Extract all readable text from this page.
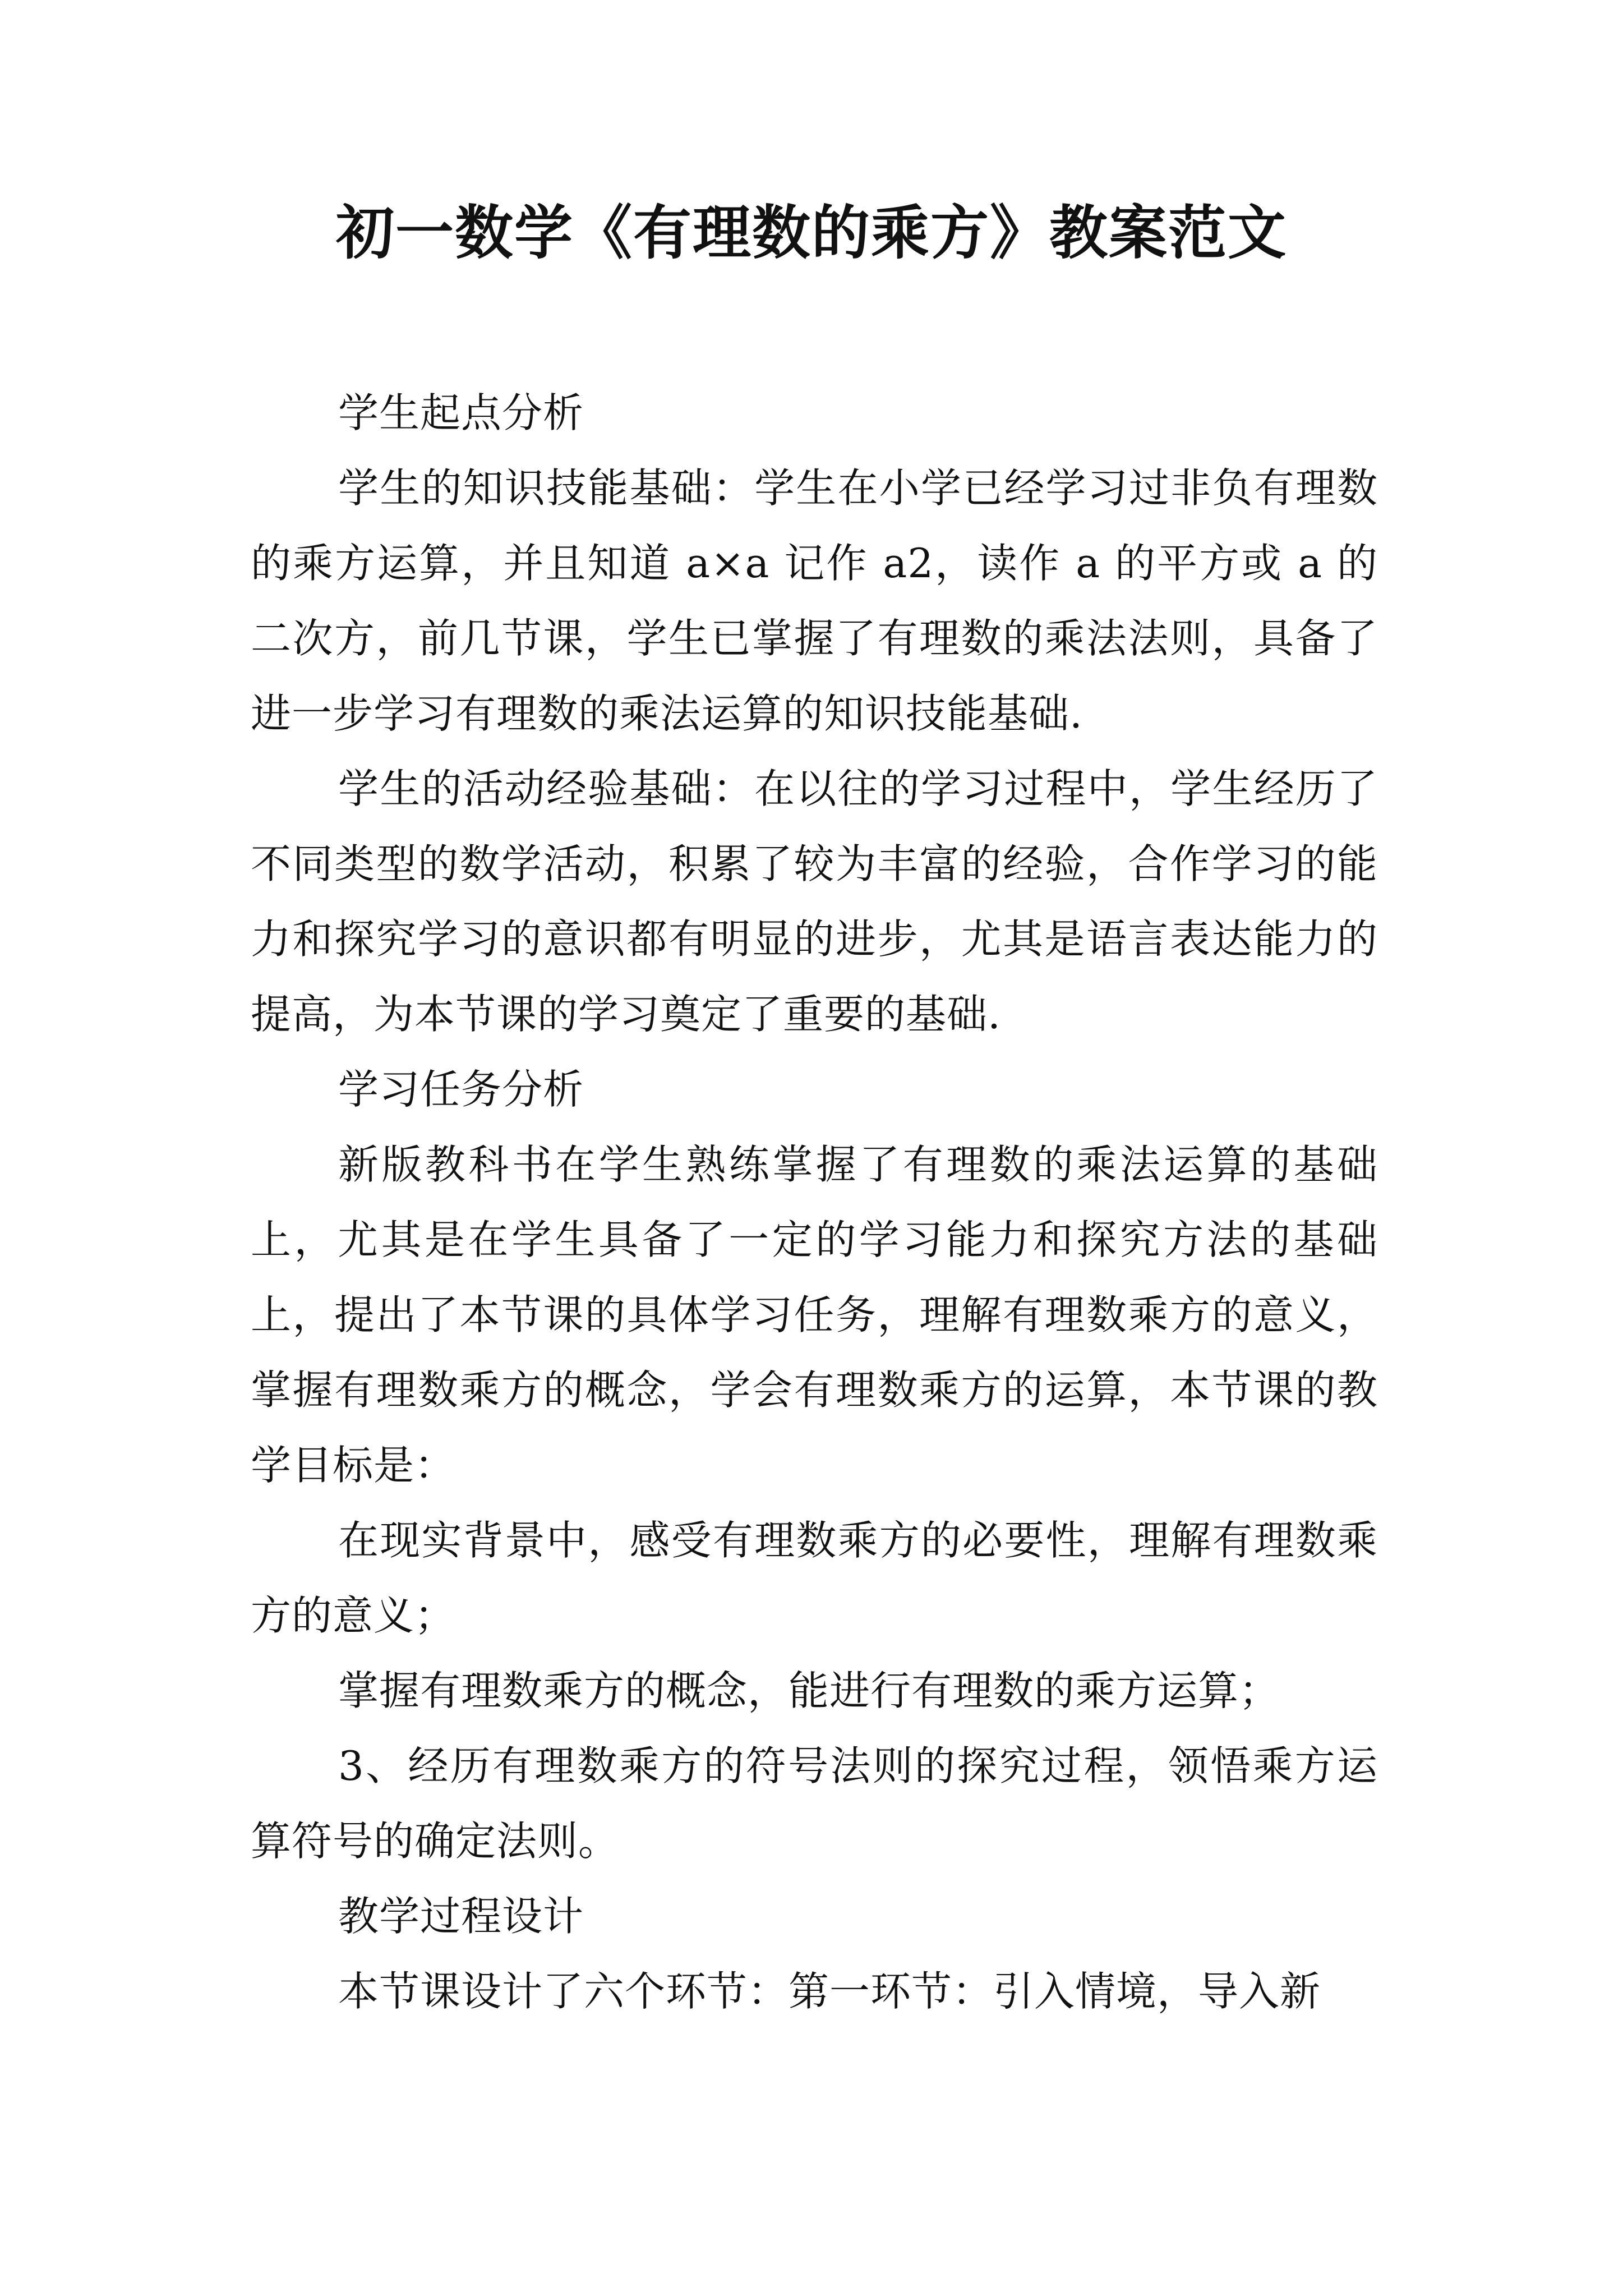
初一数学《有理数的乘方》教案范文

学生起点分析

学生的知识技能基础：学生在小学已经学习过非负有理数的乘方运算，并且知道 a×a 记作 a2，读作 a 的平方或 a 的二次方，前几节课，学生已掌握了有理数的乘法法则，具备了进一步学习有理数的乘法运算的知识技能基础.

学生的活动经验基础：在以往的学习过程中，学生经历了不同类型的数学活动，积累了较为丰富的经验，合作学习的能力和探究学习的意识都有明显的进步，尤其是语言表达能力的提高，为本节课的学习奠定了重要的基础.

学习任务分析

新版教科书在学生熟练掌握了有理数的乘法运算的基础上，尤其是在学生具备了一定的学习能力和探究方法的基础上，提出了本节课的具体学习任务，理解有理数乘方的意义，掌握有理数乘方的概念，学会有理数乘方的运算，本节课的教学目标是：

在现实背景中，感受有理数乘方的必要性，理解有理数乘方的意义；

掌握有理数乘方的概念，能进行有理数的乘方运算；

3、经历有理数乘方的符号法则的探究过程，领悟乘方运算符号的确定法则。

教学过程设计

本节课设计了六个环节：第一环节：引入情境，导入新
